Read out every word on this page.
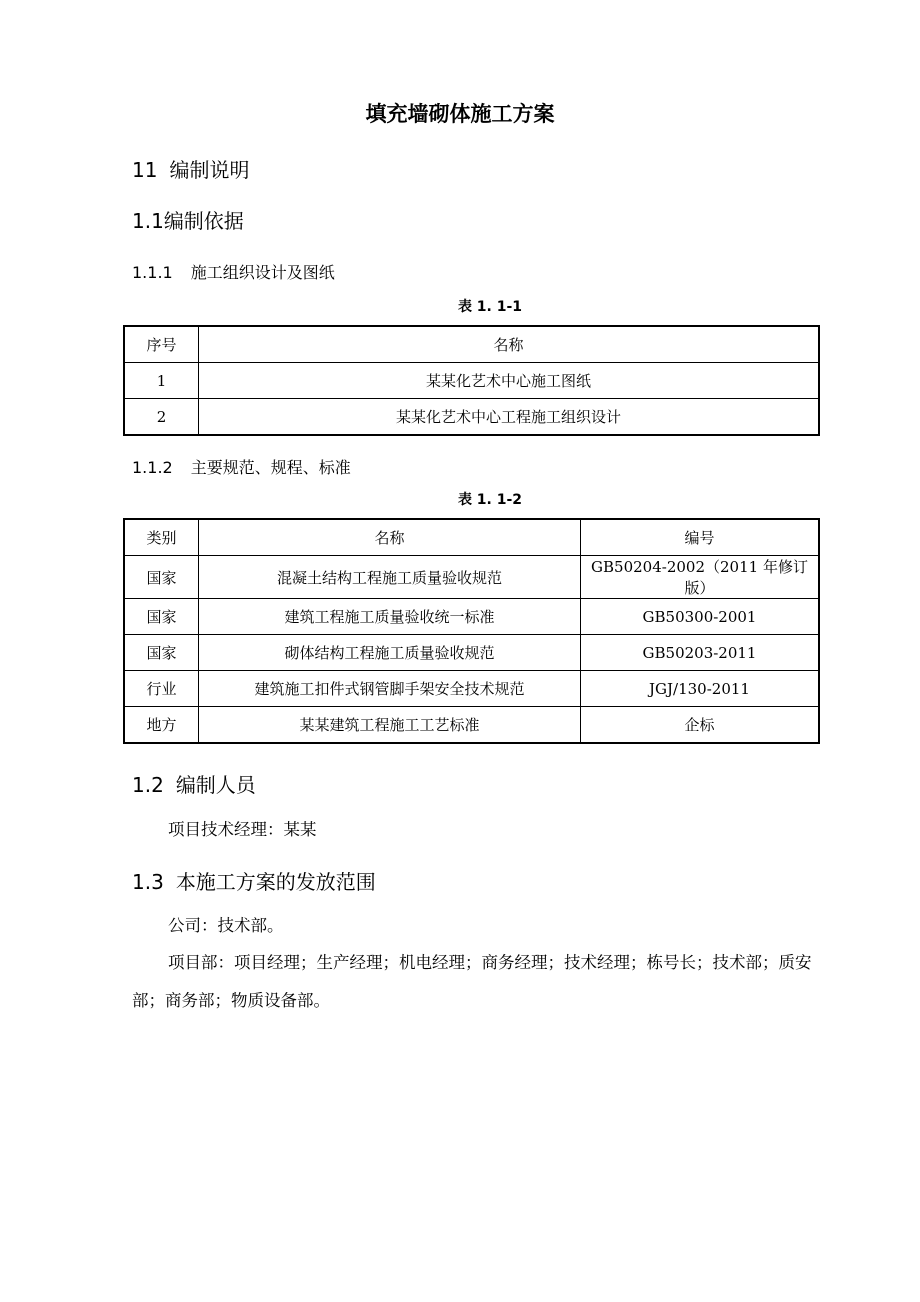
填充墙砌体施工方案
11 编制说明
1.1编制依据
1.1.1 施工组织设计及图纸
表 1. 1-1
序号	名称
1	某某化艺术中心施工图纸
2	某某化艺术中心工程施工组织设计
1.1.2 主要规范、规程、标准
表 1. 1-2
类别	名称	编号
国家	混凝土结构工程施工质量验收规范	GB50204-2002（2011 年修订版）
国家	建筑工程施工质量验收统一标准	GB50300-2001
国家	砌体结构工程施工质量验收规范	GB50203-2011
行业	建筑施工扣件式钢管脚手架安全技术规范	JGJ/130-2011
地方	某某建筑工程施工工艺标准	企标
1.2 编制人员

项目技术经理：某某

1.3 本施工方案的发放范围

公司：技术部。

项目部：项目经理；生产经理；机电经理；商务经理；技术经理；栋号长；技术部；质安部；商务部；物质设备部。
